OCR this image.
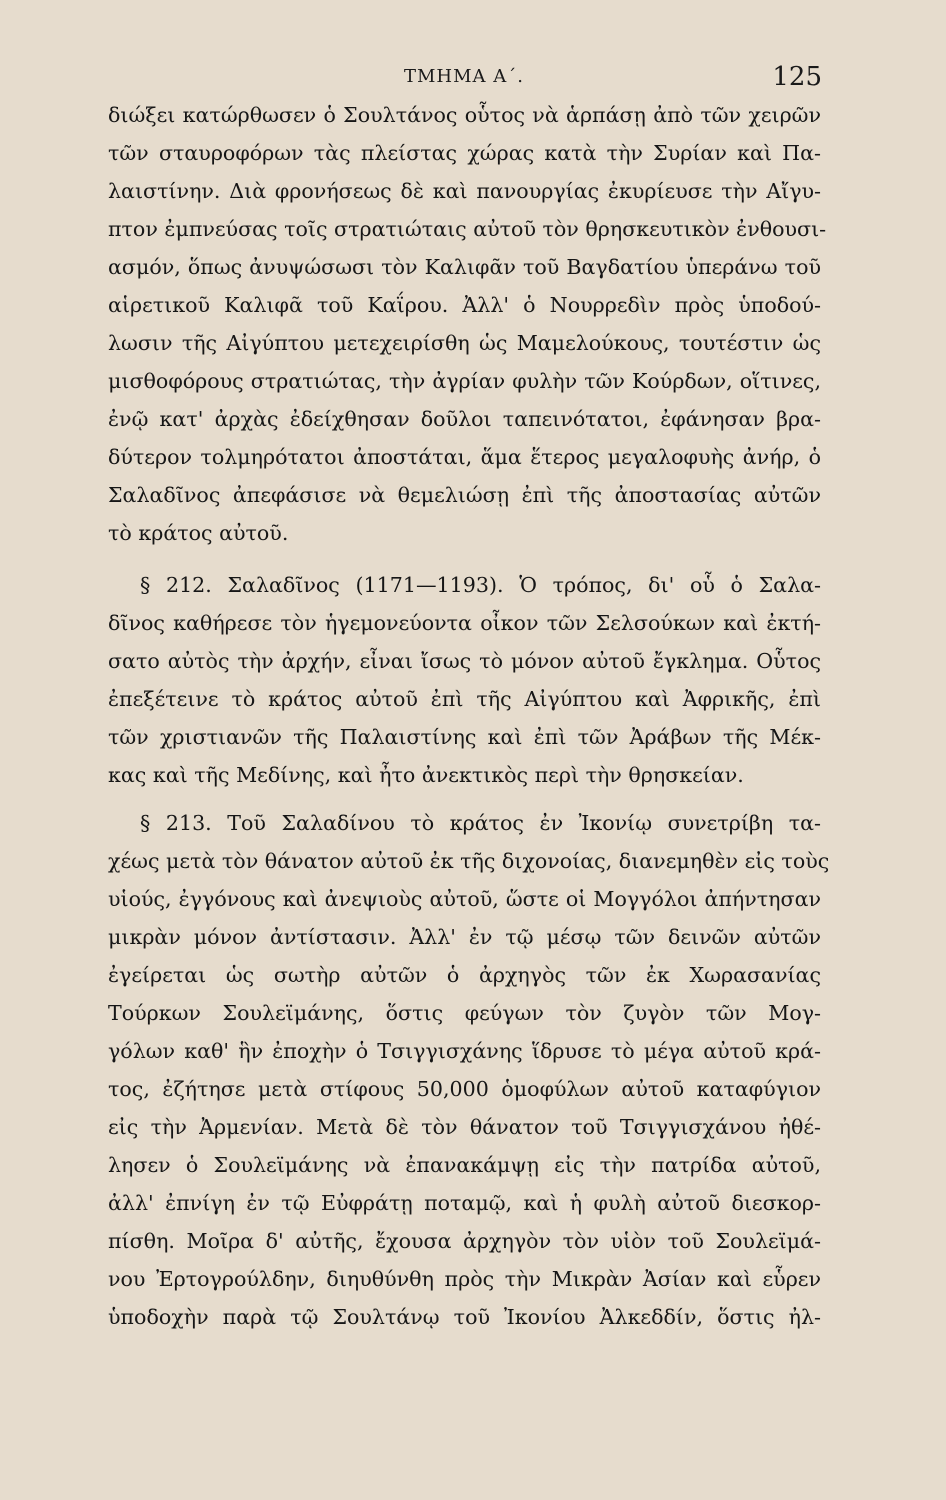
ΤΜΗΜΑ Α΄.	125
διώξει κατώρθωσεν ὁ Σουλτάνος οὗτος νὰ ἁρπάσῃ ἀπὸ τῶν χειρῶν
τῶν σταυροφόρων τὰς πλείστας χώρας κατὰ τὴν Συρίαν καὶ Πα-
λαιστίνην. Διὰ φρονήσεως δὲ καὶ πανουργίας ἐκυρίευσε τὴν Αἴγυ-
πτον ἐμπνεύσας τοῖς στρατιώταις αὐτοῦ τὸν θρησκευτικὸν ἐνθουσι-
ασμόν, ὅπως ἀνυψώσωσι τὸν Καλιφᾶν τοῦ Βαγδατίου ὑπεράνω τοῦ
αἱρετικοῦ Καλιφᾶ τοῦ Καΐρου. Ἀλλ' ὁ Νουρρεδὶν πρὸς ὑποδού-
λωσιν τῆς Αἰγύπτου μετεχειρίσθη ὡς Μαμελούκους, τουτέστιν ὡς
μισθοφόρους στρατιώτας, τὴν ἀγρίαν φυλὴν τῶν Κούρδων, οἵτινες,
ἐνῷ κατ' ἀρχὰς ἐδείχθησαν δοῦλοι ταπεινότατοι, ἐφάνησαν βρα-
δύτερον τολμηρότατοι ἀποστάται, ἅμα ἕτερος μεγαλοφυὴς ἀνήρ, ὁ
Σαλαδῖνος ἀπεφάσισε νὰ θεμελιώσῃ ἐπὶ τῆς ἀποστασίας αὐτῶν
τὸ κράτος αὐτοῦ.
§ 212. Σαλαδῖνος (1171—1193). Ὁ τρόπος, δι' οὗ ὁ Σαλα-
δῖνος καθήρεσε τὸν ἡγεμονεύοντα οἶκον τῶν Σελσούκων καὶ ἐκτή-
σατο αὐτὸς τὴν ἀρχήν, εἶναι ἴσως τὸ μόνον αὐτοῦ ἔγκλημα. Οὗτος
ἐπεξέτεινε τὸ κράτος αὐτοῦ ἐπὶ τῆς Αἰγύπτου καὶ Ἀφρικῆς, ἐπὶ
τῶν χριστιανῶν τῆς Παλαιστίνης καὶ ἐπὶ τῶν Ἀράβων τῆς Μέκ-
κας καὶ τῆς Μεδίνης, καὶ ἦτο ἀνεκτικὸς περὶ τὴν θρησκείαν.
§ 213. Τοῦ Σαλαδίνου τὸ κράτος ἐν Ἰκονίῳ συνετρίβη τα-
χέως μετὰ τὸν θάνατον αὐτοῦ ἐκ τῆς διχονοίας, διανεμηθὲν εἰς τοὺς
υἱούς, ἐγγόνους καὶ ἀνεψιοὺς αὐτοῦ, ὥστε οἱ Μογγόλοι ἀπήντησαν
μικρὰν μόνον ἀντίστασιν. Ἀλλ' ἐν τῷ μέσῳ τῶν δεινῶν αὐτῶν
ἐγείρεται ὡς σωτὴρ αὐτῶν ὁ ἀρχηγὸς τῶν ἐκ Χωρασανίας
Τούρκων Σουλεϊμάνης, ὅστις φεύγων τὸν ζυγὸν τῶν Μογ-
γόλων καθ' ἣν ἐποχὴν ὁ Τσιγγισχάνης ἵδρυσε τὸ μέγα αὐτοῦ κρά-
τος, ἐζήτησε μετὰ στίφους 50,000 ὁμοφύλων αὐτοῦ καταφύγιον
εἰς τὴν Ἀρμενίαν. Μετὰ δὲ τὸν θάνατον τοῦ Τσιγγισχάνου ἠθέ-
λησεν ὁ Σουλεϊμάνης νὰ ἐπανακάμψῃ εἰς τὴν πατρίδα αὐτοῦ,
ἀλλ' ἐπνίγη ἐν τῷ Εὐφράτῃ ποταμῷ, καὶ ἡ φυλὴ αὐτοῦ διεσκορ-
πίσθη. Μοῖρα δ' αὐτῆς, ἔχουσα ἀρχηγὸν τὸν υἱὸν τοῦ Σουλεϊμά-
νου Ἐρτογρούλδην, διηυθύνθη πρὸς τὴν Μικρὰν Ἀσίαν καὶ εὗρεν
ὑποδοχὴν παρὰ τῷ Σουλτάνῳ τοῦ Ἰκονίου Ἀλκεδδίν, ὅστις ἠλ-
